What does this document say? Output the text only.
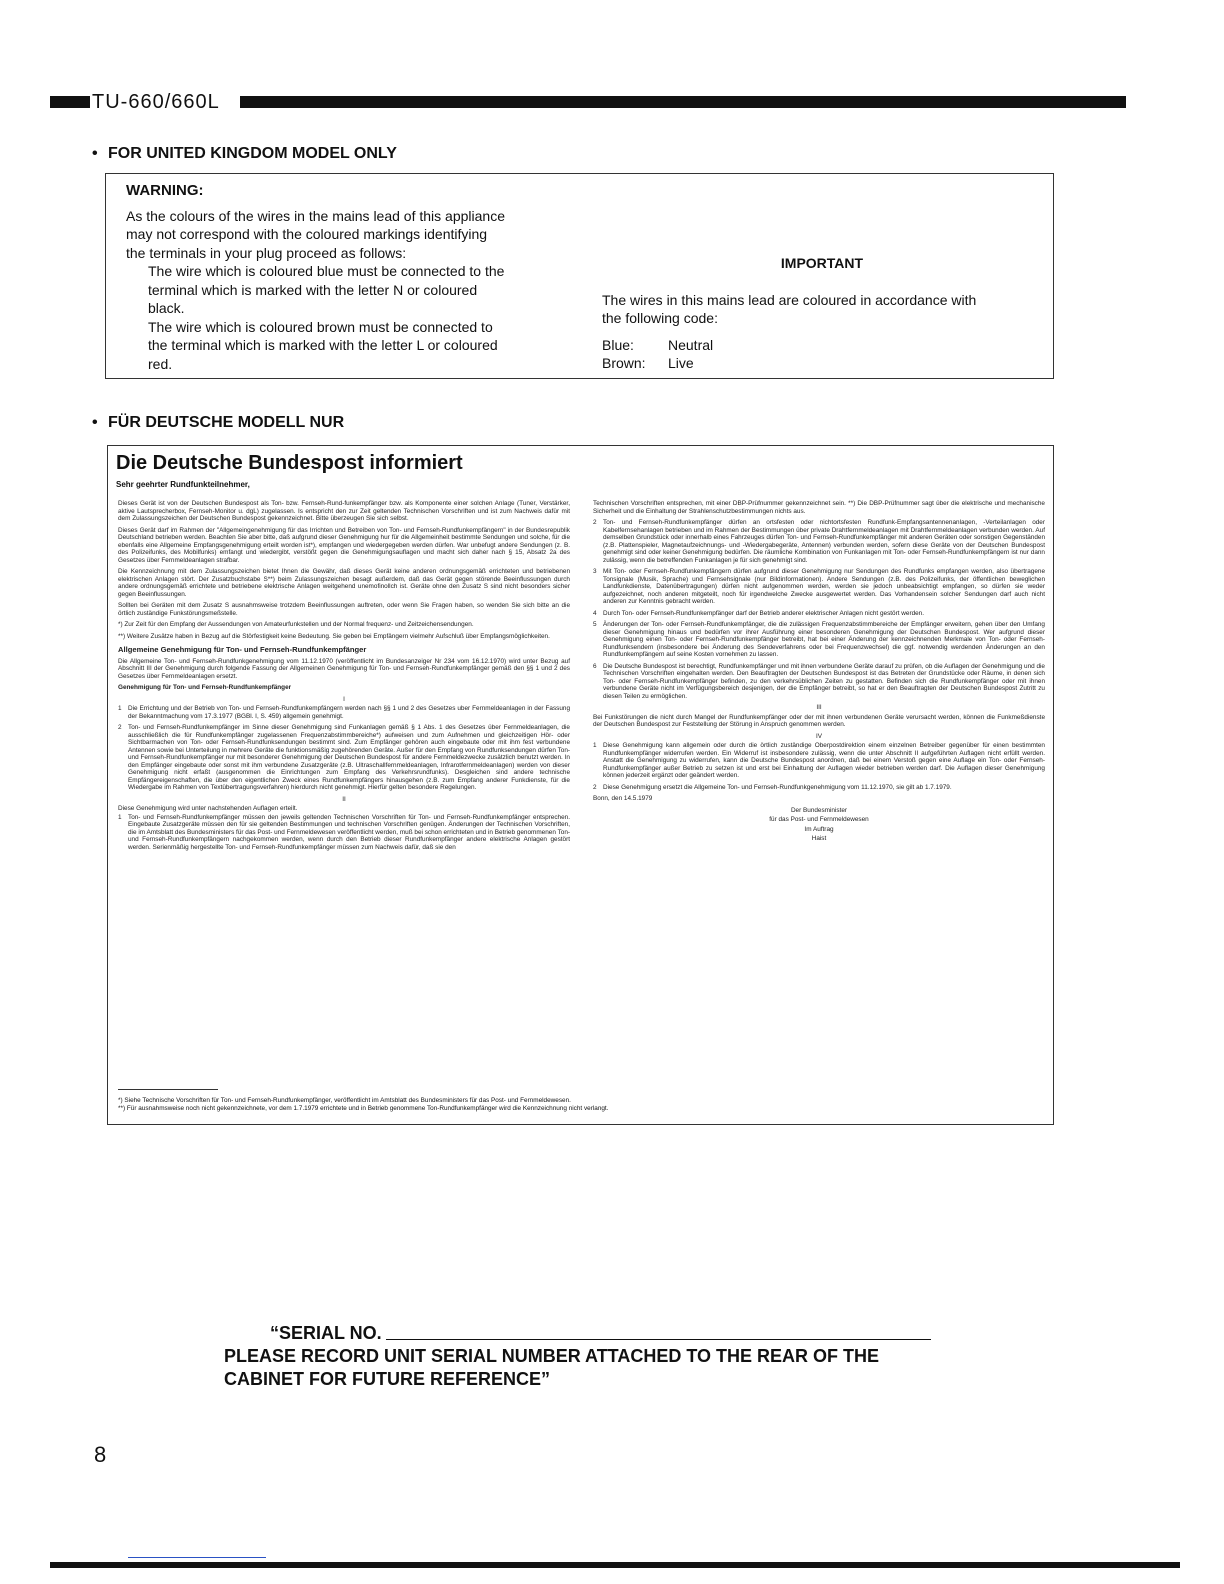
TU-660/660L
• FOR UNITED KINGDOM MODEL ONLY
WARNING:
As the colours of the wires in the mains lead of this appliance
may not correspond with the coloured markings identifying
the terminals in your plug proceed as follows:
The wire which is coloured blue must be connected to the
terminal which is marked with the letter N or coloured
black.
The wire which is coloured brown must be connected to
the terminal which is marked with the letter L or coloured
red.
IMPORTANT
The wires in this mains lead are coloured in accordance with
the following code:
Blue:	Neutral
Brown:	Live
• FÜR DEUTSCHE MODELL NUR
Die Deutsche Bundespost informiert
Sehr geehrter Rundfunkteilnehmer,

Dieses Gerät ist von der Deutschen Bundespost als Ton- bzw. Fernseh-Rund-funkempfänger bzw. als Komponente einer solchen Anlage (Tuner, Verstärker, aktive Lautsprecherbox, Fernseh-Monitor u. dgL) zugelassen. Is entspricht den zur Zeit geltenden Technischen Vorschriften und ist zum Nachweis dafür mit dem Zulassungszeichen der Deutschen Bundespost gekennzeichnet. Bitte überzeugen Sie sich selbst.

Dieses Gerät darf im Rahmen der "Allgemeingenehmigung für das Irrichten und Betreiben von Ton- und Fernseh-Rundfunkempfängern" in der Bundesrepublik Deutschland betrieben werden. Beachten Sie aber bitte, daß aufgrund dieser Genehmigung hur für die Allgemeinheit bestimmte Sendungen und solche, für die ebenfalls eine Allgemeine Empfangsgenehmigung erteilt worden ist*), empfangen und wiedergegeben werden dürfen. War unbefugt andere Sendungen (z. B. des Polizeifunks, des Mobilfunks) emfangt und wiedergibt, verstößt gegen die Genehmigungsauflagen und macht sich daher nach § 15, Absatz 2a des Gesetzes über Fernmeldeanlagen strafbar.

Die Kennzeichnung mit dem Zulassungszeichen bietet Ihnen die Gewähr, daß dieses Gerät keine anderen ordnungsgemäß errichteten und betriebenen elektrischen Anlagen stört. Der Zusatzbuchstabe S**) beim Zulassungszeichen besagt außerdem, daß das Gerät gegen störende Beeinflussungen durch andere ordnungsgemäß errichtete und betriebene elektrische Anlagen weitgehend unemofinollch ist. Geräte ohne den Zusatz S sind nicht besonders sicher gegen Beeinflussungen.

Sollten bei Geräten mit dem Zusatz S ausnahmsweise trotzdem Beeinflussungen auftreten, oder wenn Sie Fragen haben, so wenden Sie sich bitte an die örtlich zuständige Funkstörungsmeßstelle.

*) Zur Zeit für den Empfang der Aussendungen von Amateurfunkstellen und der Normal frequenz- und Zeitzeichensendungen.

**) Weitere Zusätze haben in Bezug auf die Störfestigkeit keine Bedeutung. Sie geben bei Empfängern vielmehr Aufschluß über Empfangsmöglichkeiten.

Allgemeine Genehmigung für Ton- und Fernseh-Rundfunkempfänger

Die Allgemeine Ton- und Fernseh-Rundfunkgenehmigung vom 11.12.1970 (veröffentlicht im Bundesanzeiger Nr 234 vom 16.12.1970) wird unter Bezug auf Abschnitt III der Genehmigung durch folgende Fassung der Allgemeinen Genehmigung für Ton- und Fernseh-Rundfunkempfänger gemäß den §§ 1 und 2 des Gesetzes über Fernmeldeanlagen ersetzt.

Genehmigung für Ton- und Fernseh-Rundfunkempfänger
I
1	Die Errichtung und der Betrieb von Ton- und Fernseh-Rundfunkempfängern werden nach §§ 1 und 2 des Gesetzes uber Fernmeldeanlagen in der Fassung der Bekanntmachung vom 17.3.1977 (BGBl. I, S. 459) allgemein genehmigt.
2	Ton- und Fernseh-Rundfunkempfänger im Sinne dieser Genehmigung sind Funkanlagen gemäß § 1 Abs. 1 des Gesetzes über Fernmeldeanlagen, die ausschließlich die für Rundfunkempfänger zugelassenen Frequenzabstimmbereiche*) aufweisen und zum Aufnehmen und gleichzeitigen Hör- oder Sichtbarmachen von Ton- oder Fernseh-Rundfunksendungen bestimmt sind. Zum Empfänger gehören auch eingebaute oder mit ihm fest verbundene Antennen sowie bei Unterteilung in mehrere Geräte die funktionsmäßig zugehörenden Geräte. Außer für den Empfang von Rundfunksendungen dürfen Ton- und Fernseh-Rundfunkempfänger nur mit besonderer Genehmigung der Deutschen Bundespost für andere Fernmeldezwecke zusätzlich benutzt werden. In den Empfänger eingebaute oder sonst mit ihm verbundene Zusatzgeräte (z.B. Ultraschallfernmeldeanlagen, Infrarotfernmeldeanlagen) werden von dieser Genehmigung nicht erfaßt (ausgenommen die Einrichtungen zum Empfang des Verkehrsrundfunks). Desgleichen sind andere technische Empfängereigenschaften, die über den eigentlichen Zweck eines Rundfunkempfängers hinausgehen (z.B. zum Empfang anderer Funkdienste, für die Wiedergabe im Rahmen von Textübertragungsverfahren) hierdurch nicht genehmigt. Hierfür gelten besondere Regelungen.
II

Diese Genehmigung wird unter nachstehenden Auflagen erteilt.

1	Ton- und Fernseh-Rundfunkempfänger müssen den jeweils geltenden Technischen Vorschriften für Ton- und Fernseh-Rundfunkempfänger entsprechen. Eingebaute Zusatzgeräte müssen den für sie geltenden Bestimmungen und technischen Vorschriften genügen. Änderungen der Technischen Vorschriften, die im Amtsblatt des Bundesministers für das Post- und Fernmeldewesen veröffentlicht werden, muß bei schon errichteten und in Betrieb genommenen Ton- und Fernseh-Rundfunkempfängern nachgekommen werden, wenn durch den Betrieb dieser Rundfunkempfänger andere elektrische Anlagen gestört werden. Serienmäßig hergestellte Ton- und Fernseh-Rundfunkempfänger müssen zum Nachweis dafür, daß sie den

Technischen Vorschriften entsprechen, mit einer DBP-Prüfnummer gekennzeichnet sein. **) Die DBP-Prüfnummer sagt über die elektrische und mechanische Sicherheit und die Einhaltung der Strahlenschutzbestimmungen nichts aus.

2	Ton- und Fernseh-Rundfunkempfänger dürfen an ortsfesten oder nichtortsfesten Rundfunk-Empfangsantennenanlagen, -Verteilanlagen oder Kabelfernsehanlagen betrieben und im Rahmen der Bestimmungen über private Drahtfernmeldeanlagen mit Drahtfernmeldeanlagen verbunden werden. Auf demselben Grundstück oder innerhalb eines Fahrzeuges dürfen Ton- und Fernseh-Rundfunkempfänger mit anderen Geräten oder sonstigen Gegenständen (z.B. Plattenspieler, Magnetaufzeichnungs- und -Wiedergabegeräte, Antennen) verbunden werden, sofern diese Geräte von der Deutschen Bundespost genehmigt sind oder keiner Genehmigung bedürfen. Die räumliche Kombination von Funkanlagen mit Ton- oder Fernseh-Rundfunkempfängern ist nur dann zulässig, wenn die betreffenden Funkanlagen je für sich genehmigt sind.
3	Mit Ton- oder Fernseh-Rundfunkempfängern dürfen aufgrund dieser Genehmigung nur Sendungen des Rundfunks empfangen werden, also übertragene Tonsignale (Musik, Sprache) und Fernsehsignale (nur Bildinformationen). Andere Sendungen (z.B. des Polizeifunks, der öffentlichen beweglichen Landfunkdienste, Datenübertragungen) dürfen nicht aufgenommen werden, werden sie jedoch unbeabsichtigt empfangen, so dürfen sie weder aufgezeichnet, noch anderen mitgeteilt, noch für irgendwelche Zwecke ausgewertet werden. Das Vorhandensein solcher Sendungen darf auch nicht anderen zur Kenntnis gebracht werden.
4	Durch Ton- oder Fernseh-Rundfunkempfänger darf der Betrieb anderer elektrischer Anlagen nicht gestört werden.
5	Änderungen der Ton- oder Fernseh-Rundfunkempfänger, die die zulässigen Frequenzabstimmbereiche der Empfänger erweitern, gehen über den Umfang dieser Genehmigung hinaus und bedürfen vor ihrer Ausführung einer besonderen Genehmigung der Deutschen Bundespost. Wer aufgrund dieser Genehmigung einen Ton- oder Fernseh-Rundfunkempfänger betreibt, hat bei einer Änderung der kennzeichnenden Merkmale von Ton- oder Fernseh-Rundfunksendern (insbesondere bei Änderung des Sendeverfahrens oder bei Frequenzwechsel) die ggf. notwendig werdenden Änderungen an den Rundfunkempfängern auf seine Kosten vornehmen zu lassen.
6	Die Deutsche Bundespost ist berechtigt, Rundfunkempfänger und mit ihnen verbundene Geräte darauf zu prüfen, ob die Auflagen der Genehmigung und die Technischen Vorschriften eingehalten werden. Den Beauftragten der Deutschen Bundespost ist das Betreten der Grundstücke oder Räume, in denen sich Ton- oder Fernseh-Rundfunkempfänger befinden, zu den verkehrsüblichen Zeiten zu gestatten. Befinden sich die Rundfunkempfänger oder mit ihnen verbundene Geräte nicht im Verfügungsbereich desjenigen, der die Empfänger betreibt, so hat er den Beauftragten der Deutschen Bundespost Zutritt zu diesen Teilen zu ermöglichen.
III

Bei Funkstörungen die nicht durch Mangel der Rundfunkempfänger oder der mit ihnen verbundenen Geräte verursacht werden, können die Funkmeßdienste der Deutschen Bundespost zur Feststellung der Störung in Anspruch genommen werden.

IV
1	Diese Genehmigung kann allgemein oder durch die örtlich zuständige Oberpostdirektion einem einzelnen Betreiber gegenüber für einen bestimmten Rundfunkempfänger widerrufen werden. Ein Widerruf ist insbesondere zulässig, wenn die unter Abschnitt II aufgeführten Auflagen nicht erfüllt werden. Anstatt die Genehmigung zu widerrufen, kann die Deutsche Bundespost anordnen, daß bei einem Verstoß gegen eine Auflage ein Ton- oder Fernseh-Rundfunkempfänger außer Betrieb zu setzen ist und erst bei Einhaltung der Auflagen wieder betrieben werden darf. Die Auflagen dieser Genehmigung können jederzeit ergänzt oder geändert werden.
2	Diese Genehmigung ersetzt die Allgemeine Ton- und Fernseh-Rundfunkgenehmigung vom 11.12.1970, sie gilt ab 1.7.1979.

Bonn, den 14.5.1979

Der Bundesminister
für das Post- und Fernmeldewesen
Im Auftrag
Haist
*) Siehe Technische Vorschriften für Ton- und Fernseh-Rundfunkempfänger, veröffentlicht im Amtsblatt des Bundesministers für das Post- und Fernmeldewesen.
**) Für ausnahmsweise noch nicht gekennzeichnete, vor dem 1.7.1979 errichtete und in Betrieb genommene Ton-Rundfunkempfänger wird die Kennzeichnung nicht verlangt.
“SERIAL NO.
PLEASE RECORD UNIT SERIAL NUMBER ATTACHED TO THE REAR OF THE
CABINET FOR FUTURE REFERENCE”
8
